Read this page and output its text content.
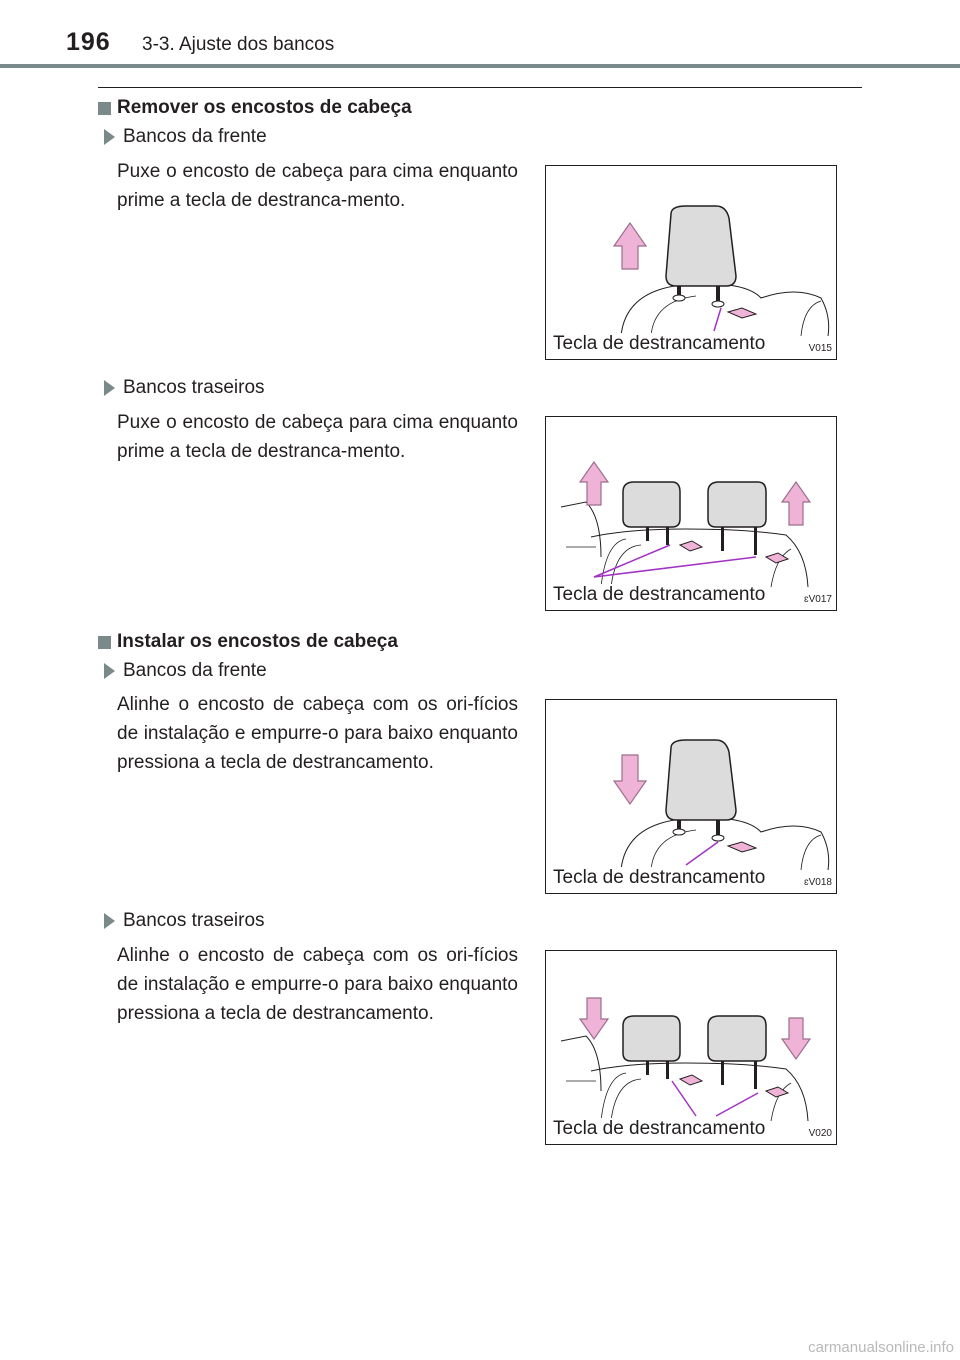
196 3-3. Ajuste dos bancos
Remover os encostos de cabeça
Bancos da frente
Puxe o encosto de cabeça para cima enquanto prime a tecla de destranca-mento.
Tecla de destrancamento	V015
Bancos traseiros
Puxe o encosto de cabeça para cima enquanto prime a tecla de destranca-mento.
Tecla de destrancamento	ɛV017
Instalar os encostos de cabeça
Bancos da frente
Alinhe o encosto de cabeça com os ori-fícios de instalação e empurre-o para baixo enquanto pressiona a tecla de destrancamento.
Tecla de destrancamento	ɛV018
Bancos traseiros
Alinhe o encosto de cabeça com os ori-fícios de instalação e empurre-o para baixo enquanto pressiona a tecla de destrancamento.
Tecla de destrancamento	V020
carmanualsonline.info
